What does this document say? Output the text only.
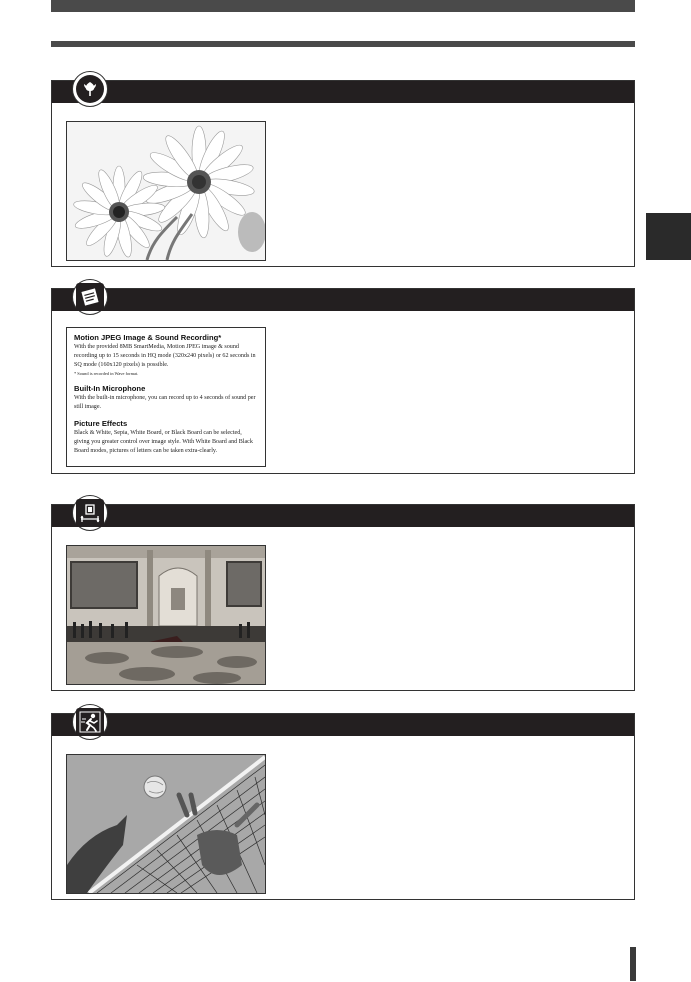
Motion JPEG Image & Sound Recording*

With the provided 8MB SmartMedia, Motion JPEG image & sound recording up to 15 seconds in HQ mode (320x240 pixels) or 62 seconds in SQ mode (160x120 pixels) is possible.

* Sound is recorded in Wave format.

Built-In Microphone

With the built-in microphone, you can record up to 4 seconds of sound per still image.

Picture Effects

Black & White, Sepia, White Board, or Black Board can be selected, giving you greater control over image style. With White Board and Black Board modes, pictures of letters can be taken extra-clearly.
